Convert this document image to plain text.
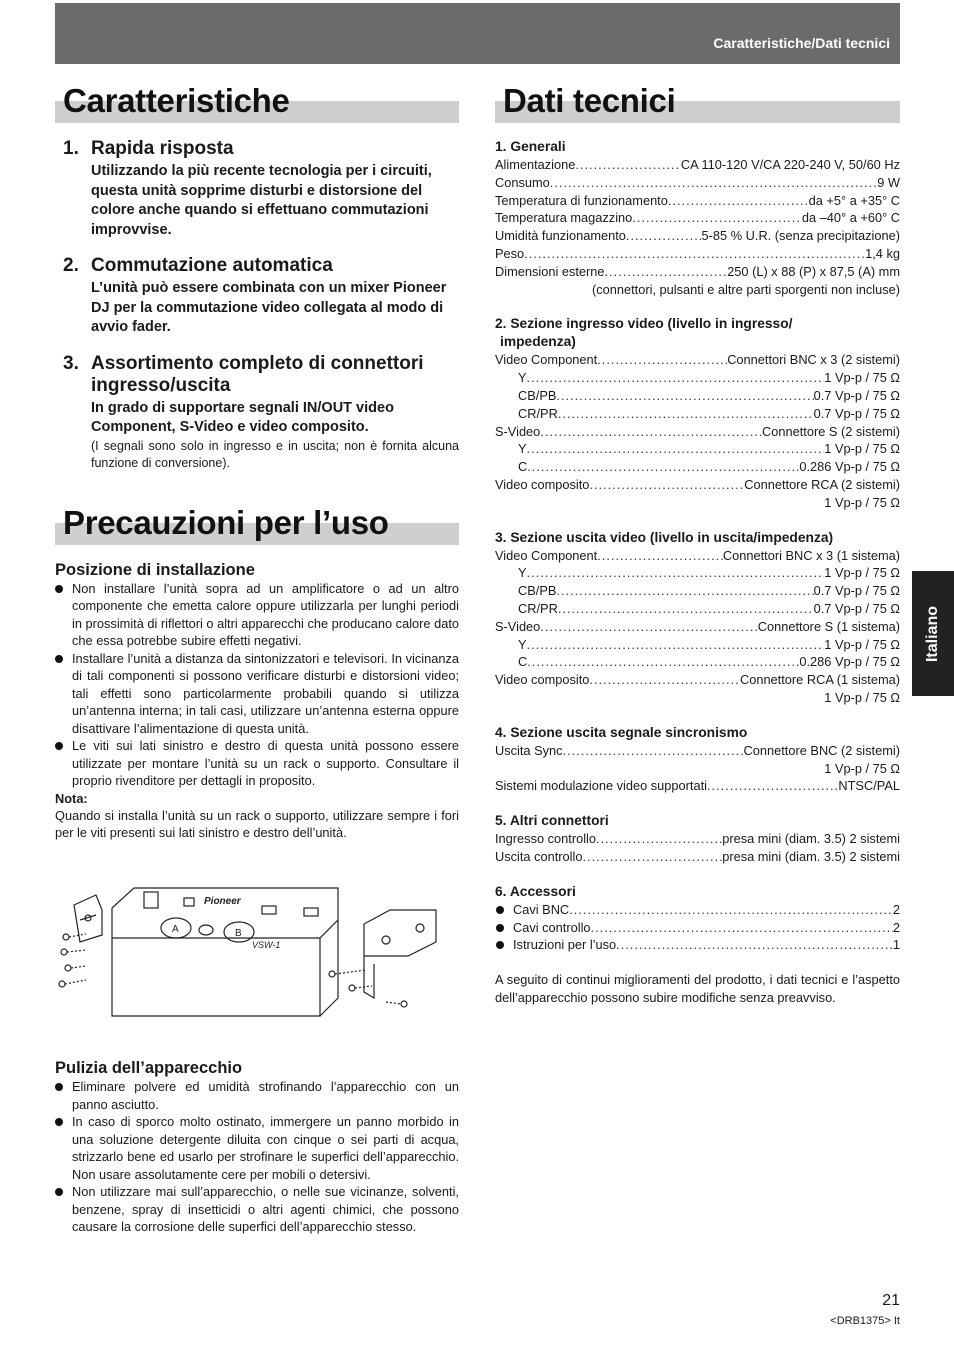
Caratteristiche/Dati tecnici
Caratteristiche
1. Rapida risposta
Utilizzando la più recente tecnologia per i circuiti, questa unità sopprime disturbi e distorsione del colore anche quando si effettuano commutazioni improvvise.
2. Commutazione automatica
L’unità può essere combinata con un mixer Pioneer DJ per la commutazione video collegata al modo di avvio fader.
3. Assortimento completo di connettori ingresso/uscita
In grado di supportare segnali IN/OUT video Component, S-Video e video composito.
(I segnali sono solo in ingresso e in uscita; non è fornita alcuna funzione di conversione).
Precauzioni per l’uso
Posizione di installazione
Non installare l’unità sopra ad un amplificatore o ad un altro componente che emetta calore oppure utilizzarla per lunghi periodi in prossimità di riflettori o altri apparecchi che producano calore dato che essa potrebbe subire effetti negativi.
Installare l’unità a distanza da sintonizzatori e televisori. In vicinanza di tali componenti si possono verificare disturbi e distorsioni video; tali effetti sono particolarmente probabili quando si utilizza un’antenna interna; in tali casi, utilizzare un’antenna esterna oppure disattivare l’alimentazione di questa unità.
Le viti sui lati sinistro e destro di questa unità possono essere utilizzate per montare l’unità su un rack o supporto. Consultare il proprio rivenditore per dettagli in proposito.
Nota:
Quando si installa l’unità su un rack o supporto, utilizzare sempre i fori per le viti presenti sui lati sinistro e destro dell’unità.
Pioneer
A	B
VSW-1
Pulizia dell’apparecchio
Eliminare polvere ed umidità strofinando l’apparecchio con un panno asciutto.
In caso di sporco molto ostinato, immergere un panno morbido in una soluzione detergente diluita con cinque o sei parti di acqua, strizzarlo bene ed usarlo per strofinare le superfici dell’apparecchio. Non usare assolutamente cere per mobili o detersivi.
Non utilizzare mai sull’apparecchio, o nelle sue vicinanze, solventi, benzene, spray di insetticidi o altri agenti chimici, che possono causare la corrosione delle superfici dell’apparecchio stesso.
Dati tecnici
1. Generali
Alimentazione .....	CA 110-120 V/CA 220-240 V, 50/60 Hz
Consumo .....	9 W
Temperatura di funzionamento .....	da +5° a +35° C
Temperatura magazzino .....	da –40° a +60° C
Umidità funzionamento .....	5-85 % U.R. (senza precipitazione)
Peso .....	1,4 kg
Dimensioni esterne .....	250 (L) x 88 (P) x 87,5 (A) mm
(connettori, pulsanti e altre parti sporgenti non incluse)
2. Sezione ingresso video (livello in ingresso/
impedenza)
Video Component .....	Connettori BNC x 3 (2 sistemi)
Y .....	1 Vp-p / 75 Ω
CB/PB .....	0.7 Vp-p / 75 Ω
CR/PR .....	0.7 Vp-p / 75 Ω
S-Video .....	Connettore S (2 sistemi)
Y .....	1 Vp-p / 75 Ω
C .....	0.286 Vp-p / 75 Ω
Video composito .....	Connettore RCA (2 sistemi)
1 Vp-p / 75 Ω
3. Sezione uscita video (livello in uscita/impedenza)
Video Component .....	Connettori BNC x 3 (1 sistema)
Y .....	1 Vp-p / 75 Ω
CB/PB .....	0.7 Vp-p / 75 Ω
CR/PR .....	0.7 Vp-p / 75 Ω
S-Video .....	Connettore S (1 sistema)
Y .....	1 Vp-p / 75 Ω
C .....	0.286 Vp-p / 75 Ω
Video composito .....	Connettore RCA (1 sistema)
1 Vp-p / 75 Ω
4. Sezione uscita segnale sincronismo
Uscita Sync .....	Connettore BNC (2 sistemi)
1 Vp-p / 75 Ω
Sistemi modulazione video supportati .....	NTSC/PAL
5. Altri connettori
Ingresso controllo .....	presa mini (diam. 3.5) 2 sistemi
Uscita controllo .....	presa mini (diam. 3.5) 2 sistemi
6. Accessori
Cavi BNC .....	2
Cavi controllo .....	2
Istruzioni per l’uso .....	1
A seguito di continui miglioramenti del prodotto, i dati tecnici e l’aspetto dell’apparecchio possono subire modifiche senza preavviso.
Italiano
21
<DRB1375> It
